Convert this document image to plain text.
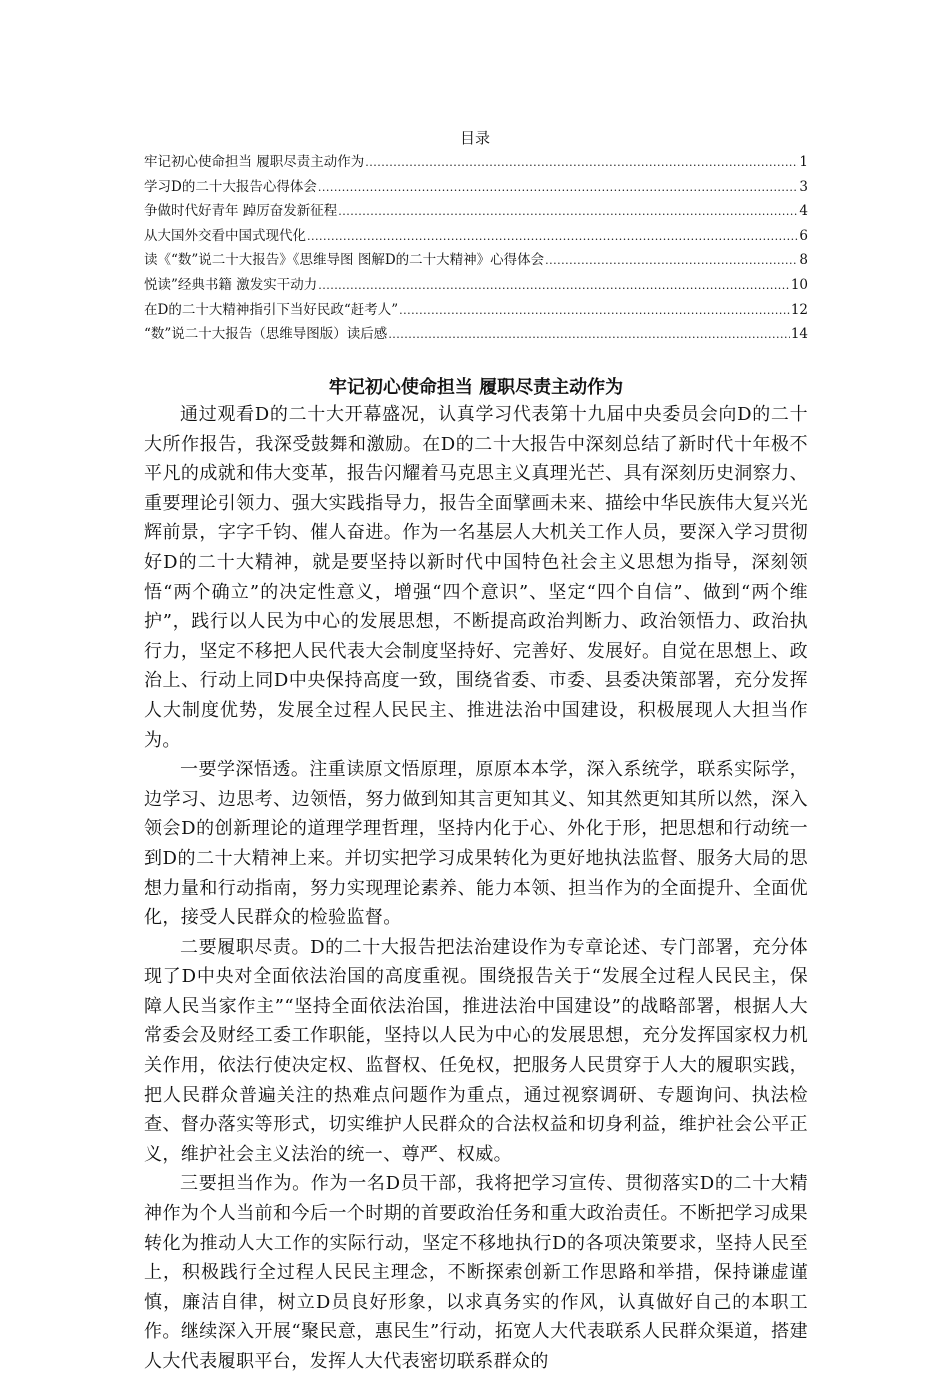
目录
牢记初心使命担当 履职尽责主动作为 .....	1
学习D的二十大报告心得体会 .....	3
争做时代好青年 踔厉奋发新征程 .....	4
从大国外交看中国式现代化 .....	6
读《“数”说二十大报告》《思维导图 图解D的二十大精神》心得体会 .....	8
悦读”经典书籍 激发实干动力 .....	10
在D的二十大精神指引下当好民政“赶考人” .....	12
“数”说二十大报告（思维导图版）读后感 .....	14
牢记初心使命担当 履职尽责主动作为

通过观看D的二十大开幕盛况，认真学习代表第十九届中央委员会向D的二十大所作报告，我深受鼓舞和激励。在D的二十大报告中深刻总结了新时代十年极不平凡的成就和伟大变革，报告闪耀着马克思主义真理光芒、具有深刻历史洞察力、重要理论引领力、强大实践指导力，报告全面擘画未来、描绘中华民族伟大复兴光辉前景，字字千钧、催人奋进。作为一名基层人大机关工作人员，要深入学习贯彻好D的二十大精神，就是要坚持以新时代中国特色社会主义思想为指导，深刻领悟“两个确立”的决定性意义，增强“四个意识”、坚定“四个自信”、做到“两个维护”，践行以人民为中心的发展思想，不断提高政治判断力、政治领悟力、政治执行力，坚定不移把人民代表大会制度坚持好、完善好、发展好。自觉在思想上、政治上、行动上同D中央保持高度一致，围绕省委、市委、县委决策部署，充分发挥人大制度优势，发展全过程人民民主、推进法治中国建设，积极展现人大担当作为。

一要学深悟透。注重读原文悟原理，原原本本学，深入系统学，联系实际学，边学习、边思考、边领悟，努力做到知其言更知其义、知其然更知其所以然，深入领会D的创新理论的道理学理哲理，坚持内化于心、外化于形，把思想和行动统一到D的二十大精神上来。并切实把学习成果转化为更好地执法监督、服务大局的思想力量和行动指南，努力实现理论素养、能力本领、担当作为的全面提升、全面优化，接受人民群众的检验监督。

二要履职尽责。D的二十大报告把法治建设作为专章论述、专门部署，充分体现了D中央对全面依法治国的高度重视。围绕报告关于“发展全过程人民民主，保障人民当家作主”“坚持全面依法治国，推进法治中国建设”的战略部署，根据人大常委会及财经工委工作职能，坚持以人民为中心的发展思想，充分发挥国家权力机关作用，依法行使决定权、监督权、任免权，把服务人民贯穿于人大的履职实践，把人民群众普遍关注的热难点问题作为重点，通过视察调研、专题询问、执法检查、督办落实等形式，切实维护人民群众的合法权益和切身利益，维护社会公平正义，维护社会主义法治的统一、尊严、权威。

三要担当作为。作为一名D员干部，我将把学习宣传、贯彻落实D的二十大精神作为个人当前和今后一个时期的首要政治任务和重大政治责任。不断把学习成果转化为推动人大工作的实际行动，坚定不移地执行D的各项决策要求，坚持人民至上，积极践行全过程人民民主理念，不断探索创新工作思路和举措，保持谦虚谨慎，廉洁自律，树立D员良好形象，以求真务实的作风，认真做好自己的本职工作。继续深入开展“聚民意，惠民生”行动，拓宽人大代表联系人民群众渠道，搭建人大代表履职平台，发挥人大代表密切联系群众的
